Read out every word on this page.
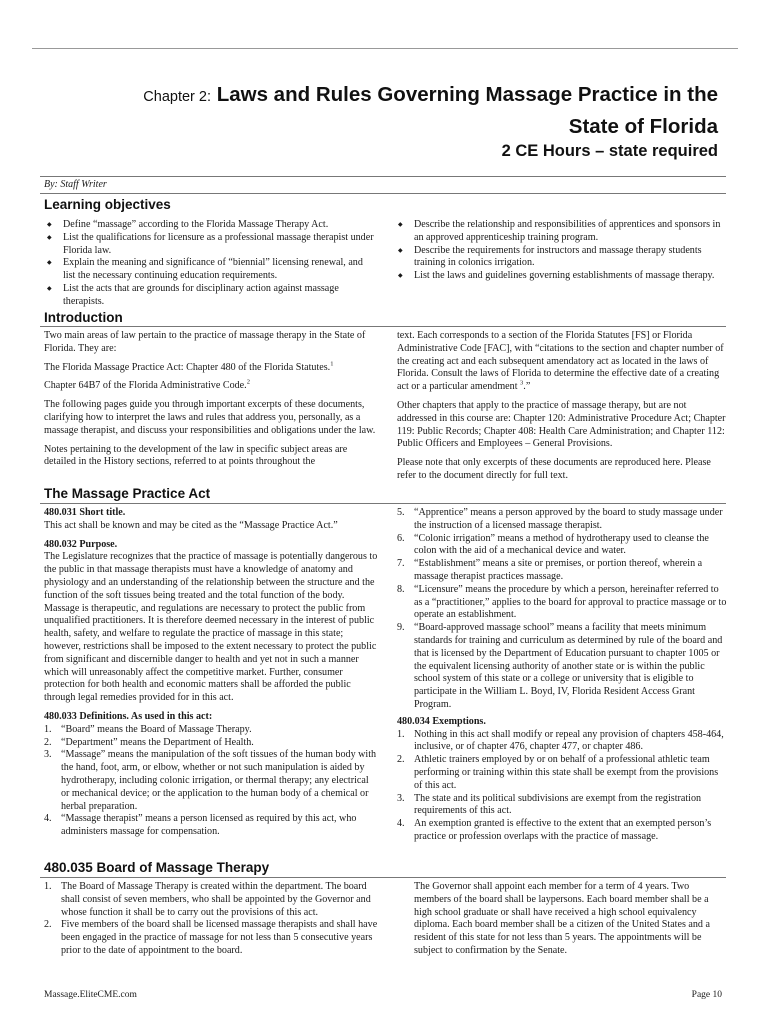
Chapter 2: Laws and Rules Governing Massage Practice in the
State of Florida
2 CE Hours – state required
By: Staff Writer
Learning objectives
◆ Define “massage” according to the Florida Massage Therapy Act.
◆ List the qualifications for licensure as a professional massage therapist under Florida law.
◆ Explain the meaning and significance of “biennial” licensing renewal, and list the necessary continuing education requirements.
◆ List the acts that are grounds for disciplinary action against massage therapists.
◆ Describe the relationship and responsibilities of apprentices and sponsors in an approved apprenticeship training program.
◆ Describe the requirements for instructors and massage therapy students training in colonics irrigation.
◆ List the laws and guidelines governing establishments of massage therapy.
Introduction

Two main areas of law pertain to the practice of massage therapy in the State of Florida. They are:

The Florida Massage Practice Act: Chapter 480 of the Florida Statutes.$^1$

Chapter 64B7 of the Florida Administrative Code.$^2$

The following pages guide you through important excerpts of these documents, clarifying how to interpret the laws and rules that address you, personally, as a massage therapist, and discuss your responsibilities and obligations under the law.

Notes pertaining to the development of the law in specific subject areas are detailed in the History sections, referred to at points throughout the

text. Each corresponds to a section of the Florida Statutes [FS] or Florida Administrative Code [FAC], with “citations to the section and chapter number of the creating act and each subsequent amendatory act as located in the laws of Florida. Consult the laws of Florida to determine the effective date of a creating act or a particular amendment $^3$.”

Other chapters that apply to the practice of massage therapy, but are not addressed in this course are: Chapter 120: Administrative Procedure Act; Chapter 119: Public Records; Chapter 408: Health Care Administration; and Chapter 112: Public Officers and Employees – General Provisions.

Please note that only excerpts of these documents are reproduced here. Please refer to the document directly for full text.

The Massage Practice Act
480.031 Short title.

This act shall be known and may be cited as the “Massage Practice Act.”

480.032 Purpose.

The Legislature recognizes that the practice of massage is potentially dangerous to the public in that massage therapists must have a knowledge of anatomy and physiology and an understanding of the relationship between the structure and the function of the soft tissues being treated and the total function of the body. Massage is therapeutic, and regulations are necessary to protect the public from unqualified practitioners. It is therefore deemed necessary in the interest of public health, safety, and welfare to regulate the practice of massage in this state; however, restrictions shall be imposed to the extent necessary to protect the public from significant and discernible danger to health and yet not in such a manner which will unreasonably affect the competitive market. Further, consumer protection for both health and economic matters shall be afforded the public through legal remedies provided for in this act.

480.033 Definitions. As used in this act:
1. “Board” means the Board of Massage Therapy.
2. “Department” means the Department of Health.
3. “Massage” means the manipulation of the soft tissues of the human body with the hand, foot, arm, or elbow, whether or not such manipulation is aided by hydrotherapy, including colonic irrigation, or thermal therapy; any electrical or mechanical device; or the application to the human body of a chemical or herbal preparation.
4. “Massage therapist” means a person licensed as required by this act, who administers massage for compensation.
5. “Apprentice” means a person approved by the board to study massage under the instruction of a licensed massage therapist.
6. “Colonic irrigation” means a method of hydrotherapy used to cleanse the colon with the aid of a mechanical device and water.
7. “Establishment” means a site or premises, or portion thereof, wherein a massage therapist practices massage.
8. “Licensure” means the procedure by which a person, hereinafter referred to as a “practitioner,” applies to the board for approval to practice massage or to operate an establishment.
9. “Board-approved massage school” means a facility that meets minimum standards for training and curriculum as determined by rule of the board and that is licensed by the Department of Education pursuant to chapter 1005 or the equivalent licensing authority of another state or is within the public school system of this state or a college or university that is eligible to participate in the William L. Boyd, IV, Florida Resident Access Grant Program.
480.034 Exemptions.
1. Nothing in this act shall modify or repeal any provision of chapters 458-464, inclusive, or of chapter 476, chapter 477, or chapter 486.
2. Athletic trainers employed by or on behalf of a professional athletic team performing or training within this state shall be exempt from the provisions of this act.
3. The state and its political subdivisions are exempt from the registration requirements of this act.
4. An exemption granted is effective to the extent that an exempted person’s practice or profession overlaps with the practice of massage.
480.035 Board of Massage Therapy
1. The Board of Massage Therapy is created within the department. The board shall consist of seven members, who shall be appointed by the Governor and whose function it shall be to carry out the provisions of this act.
2. Five members of the board shall be licensed massage therapists and shall have been engaged in the practice of massage for not less than 5 consecutive years prior to the date of appointment to the board.
The Governor shall appoint each member for a term of 4 years. Two members of the board shall be laypersons. Each board member shall be a high school graduate or shall have received a high school equivalency diploma. Each board member shall be a citizen of the United States and a resident of this state for not less than 5 years. The appointments will be subject to confirmation by the Senate.
Massage.EliteCME.com	Page 10
